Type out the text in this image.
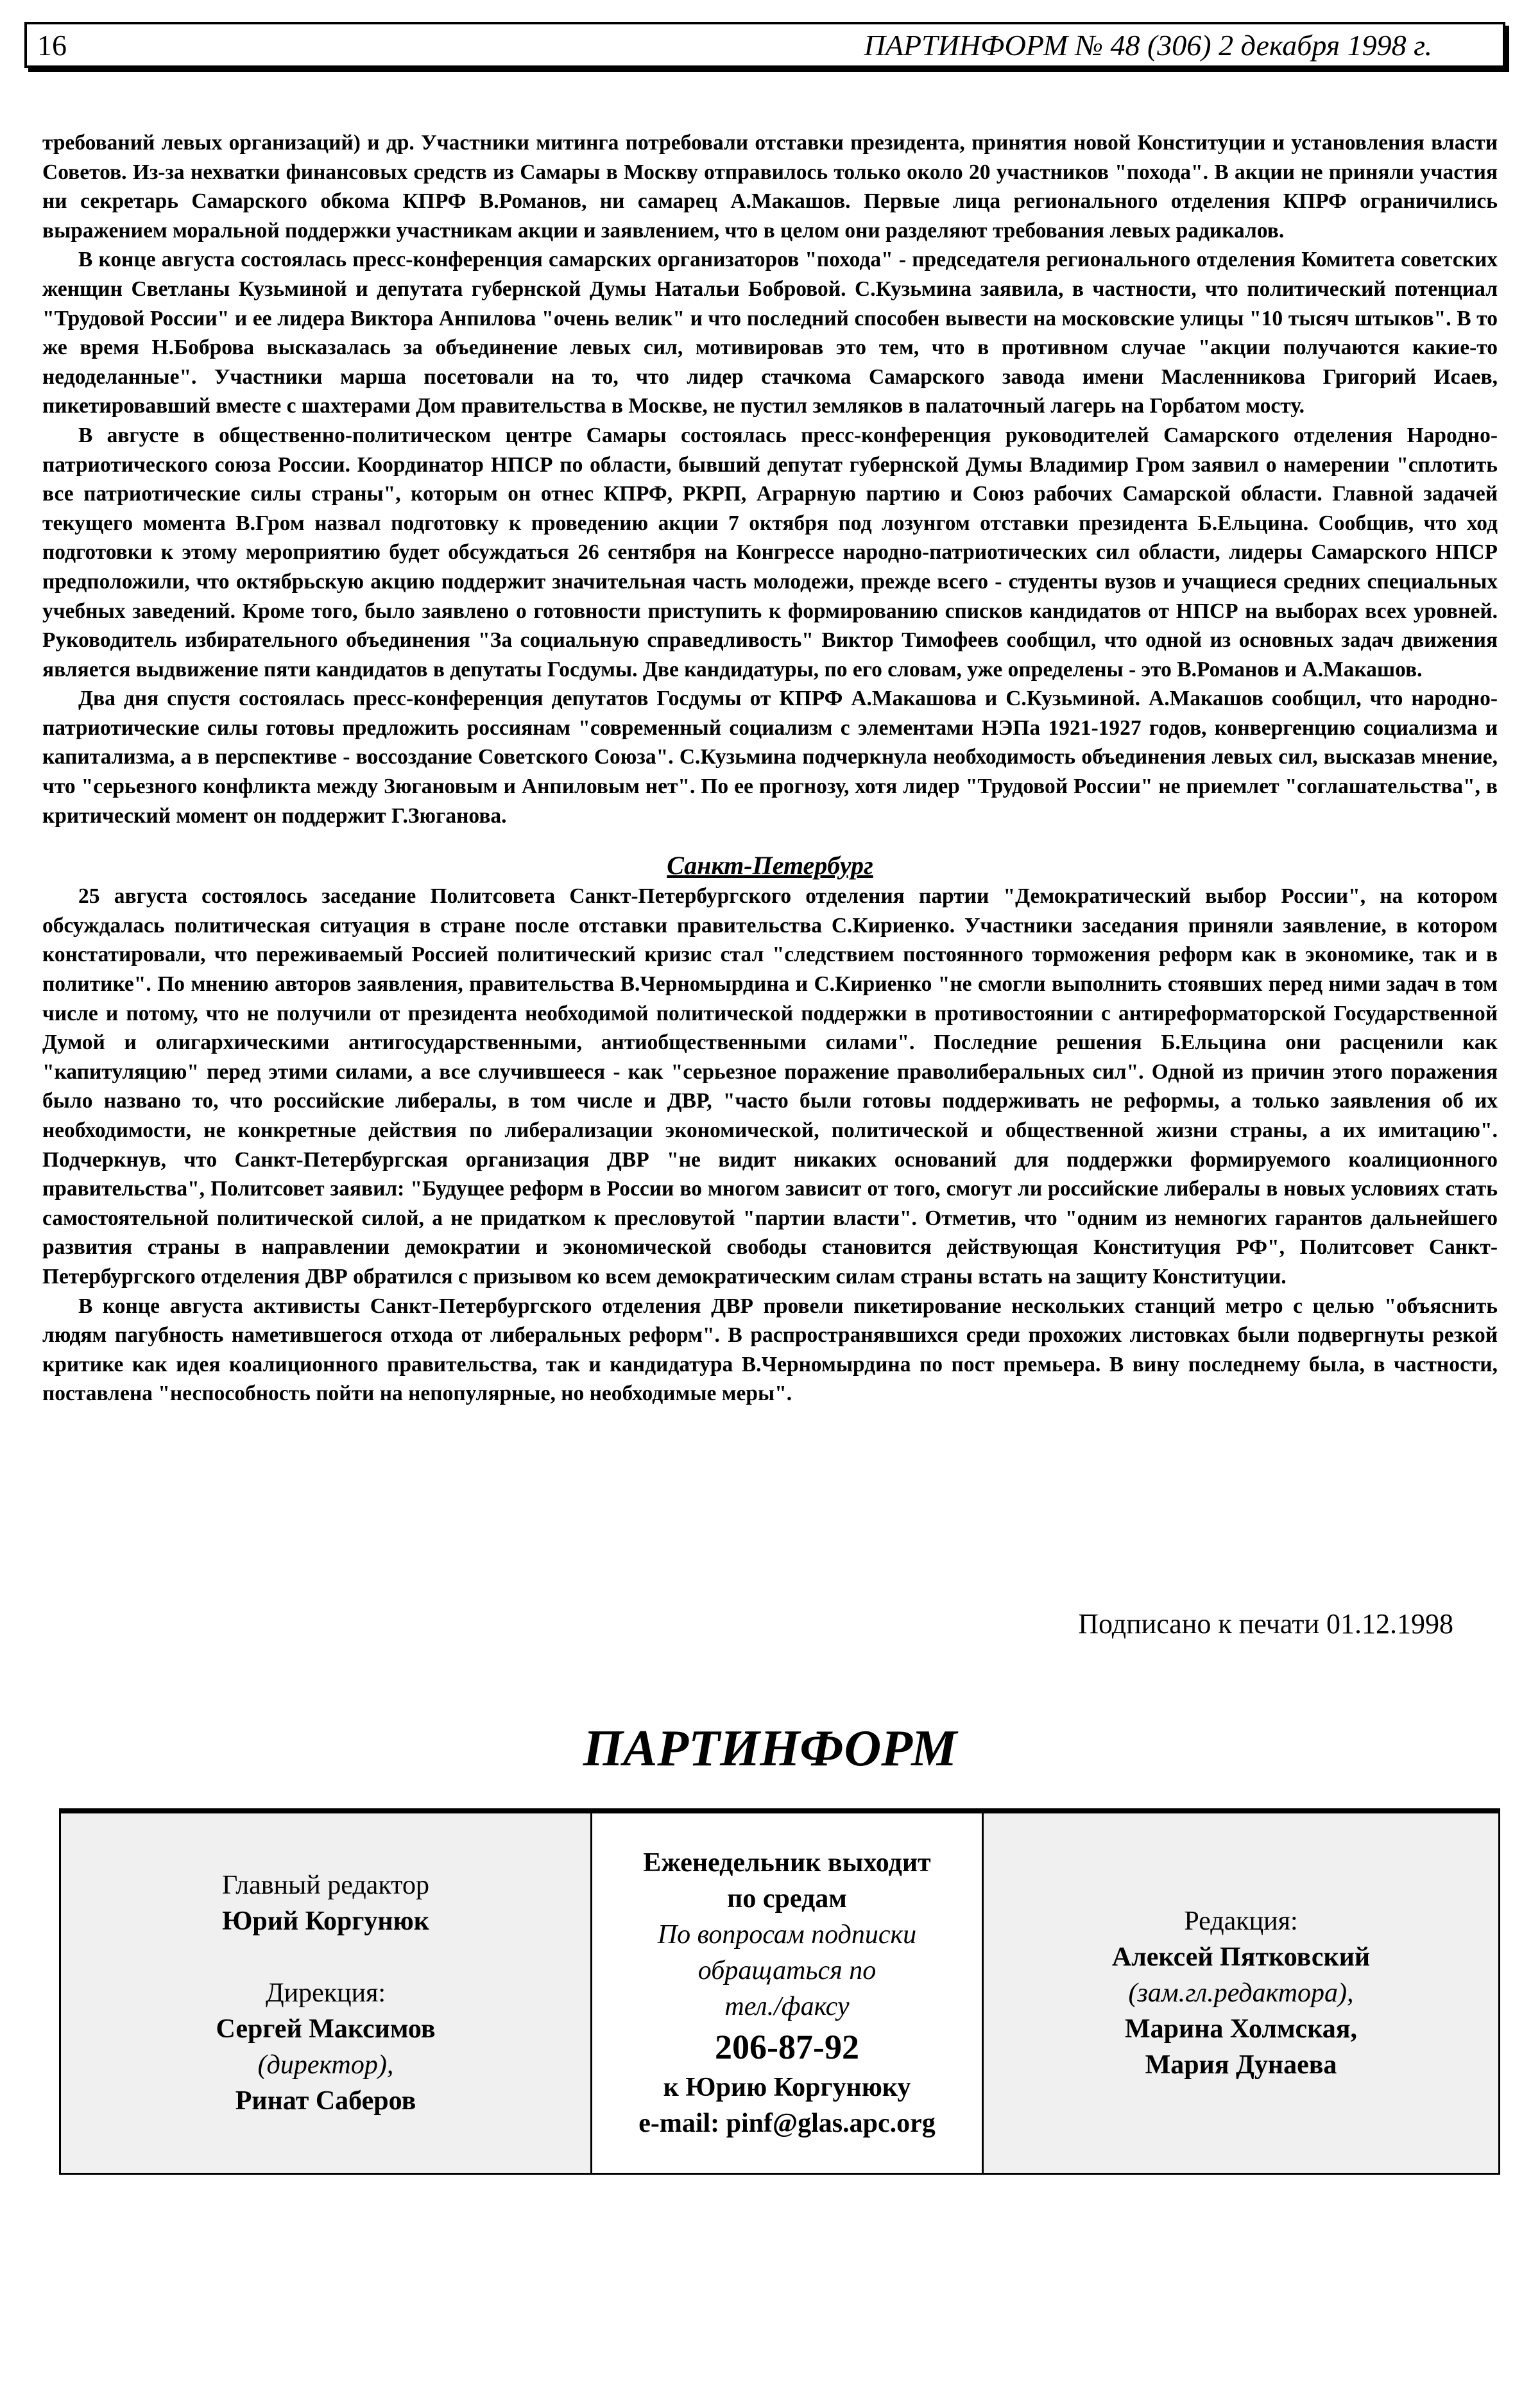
16	ПАРТИНФОРМ № 48 (306) 2 декабря 1998 г.

требований левых организаций) и др. Участники митинга потребовали отставки президента, принятия новой Конституции и установления власти Советов. Из-за нехватки финансовых средств из Самары в Москву отправилось только около 20 участников "похода". В акции не приняли участия ни секретарь Самарского обкома КПРФ В.Романов, ни самарец А.Макашов. Первые лица регионального отделения КПРФ ограничились выражением моральной поддержки участникам акции и заявлением, что в целом они разделяют требования левых радикалов.

В конце августа состоялась пресс-конференция самарских организаторов "похода" - председателя регионального отделения Комитета советских женщин Светланы Кузьминой и депутата губернской Думы Натальи Бобровой. С.Кузьмина заявила, в частности, что политический потенциал "Трудовой России" и ее лидера Виктора Анпилова "очень велик" и что последний способен вывести на московские улицы "10 тысяч штыков". В то же время Н.Боброва высказалась за объединение левых сил, мотивировав это тем, что в противном случае "акции получаются какие-то недоделанные". Участники марша посетовали на то, что лидер стачкома Самарского завода имени Масленникова Григорий Исаев, пикетировавший вместе с шахтерами Дом правительства в Москве, не пустил земляков в палаточный лагерь на Горбатом мосту.

В августе в общественно-политическом центре Самары состоялась пресс-конференция руководителей Самарского отделения Народно-патриотического союза России. Координатор НПСР по области, бывший депутат губернской Думы Владимир Гром заявил о намерении "сплотить все патриотические силы страны", которым он отнес КПРФ, РКРП, Аграрную партию и Союз рабочих Самарской области. Главной задачей текущего момента В.Гром назвал подготовку к проведению акции 7 октября под лозунгом отставки президента Б.Ельцина. Сообщив, что ход подготовки к этому мероприятию будет обсуждаться 26 сентября на Конгрессе народно-патриотических сил области, лидеры Самарского НПСР предположили, что октябрьскую акцию поддержит значительная часть молодежи, прежде всего - студенты вузов и учащиеся средних специальных учебных заведений. Кроме того, было заявлено о готовности приступить к формированию списков кандидатов от НПСР на выборах всех уровней. Руководитель избирательного объединения "За социальную справедливость" Виктор Тимофеев сообщил, что одной из основных задач движения является выдвижение пяти кандидатов в депутаты Госдумы. Две кандидатуры, по его словам, уже определены - это В.Романов и А.Макашов.

Два дня спустя состоялась пресс-конференция депутатов Госдумы от КПРФ А.Макашова и С.Кузьминой. А.Макашов сообщил, что народно-патриотические силы готовы предложить россиянам "современный социализм с элементами НЭПа 1921-1927 годов, конвергенцию социализма и капитализма, а в перспективе - воссоздание Советского Союза". С.Кузьмина подчеркнула необходимость объединения левых сил, высказав мнение, что "серьезного конфликта между Зюгановым и Анпиловым нет". По ее прогнозу, хотя лидер "Трудовой России" не приемлет "соглашательства", в критический момент он поддержит Г.Зюганова.

Санкт-Петербург

25 августа состоялось заседание Политсовета Санкт-Петербургского отделения партии "Демократический выбор России", на котором обсуждалась политическая ситуация в стране после отставки правительства С.Кириенко. Участники заседания приняли заявление, в котором констатировали, что переживаемый Россией политический кризис стал "следствием постоянного торможения реформ как в экономике, так и в политике". По мнению авторов заявления, правительства В.Черномырдина и С.Кириенко "не смогли выполнить стоявших перед ними задач в том числе и потому, что не получили от президента необходимой политической поддержки в противостоянии с антиреформаторской Государственной Думой и олигархическими антигосударственными, антиобщественными силами". Последние решения Б.Ельцина они расценили как "капитуляцию" перед этими силами, а все случившееся - как "серьезное поражение праволиберальных сил". Одной из причин этого поражения было названо то, что российские либералы, в том числе и ДВР, "часто были готовы поддерживать не реформы, а только заявления об их необходимости, не конкретные действия по либерализации экономической, политической и общественной жизни страны, а их имитацию". Подчеркнув, что Санкт-Петербургская организация ДВР "не видит никаких оснований для поддержки формируемого коалиционного правительства", Политсовет заявил: "Будущее реформ в России во многом зависит от того, смогут ли российские либералы в новых условиях стать самостоятельной политической силой, а не придатком к пресловутой "партии власти". Отметив, что "одним из немногих гарантов дальнейшего развития страны в направлении демократии и экономической свободы становится действующая Конституция РФ", Политсовет Санкт-Петербургского отделения ДВР обратился с призывом ко всем демократическим силам страны встать на защиту Конституции.

В конце августа активисты Санкт-Петербургского отделения ДВР провели пикетирование нескольких станций метро с целью "объяснить людям пагубность наметившегося отхода от либеральных реформ". В распространявшихся среди прохожих листовках были подвергнуты резкой критике как идея коалиционного правительства, так и кандидатура В.Черномырдина по пост премьера. В вину последнему была, в частности, поставлена "неспособность пойти на непопулярные, но необходимые меры".

Подписано к печати 01.12.1998
ПАРТИНФОРМ
Главный редактор
Юрий Коргунюк
Дирекция:
Сергей Максимов
(директор),
Ринат Саберов
Еженедельник выходит
по средам
По вопросам подписки
обращаться по
тел./факсу
206-87-92
к Юрию Коргунюку
e-mail: pinf@glas.apc.org
Редакция:
Алексей Пятковский
(зам.гл.редактора),
Марина Холмская,
Мария Дунаева
